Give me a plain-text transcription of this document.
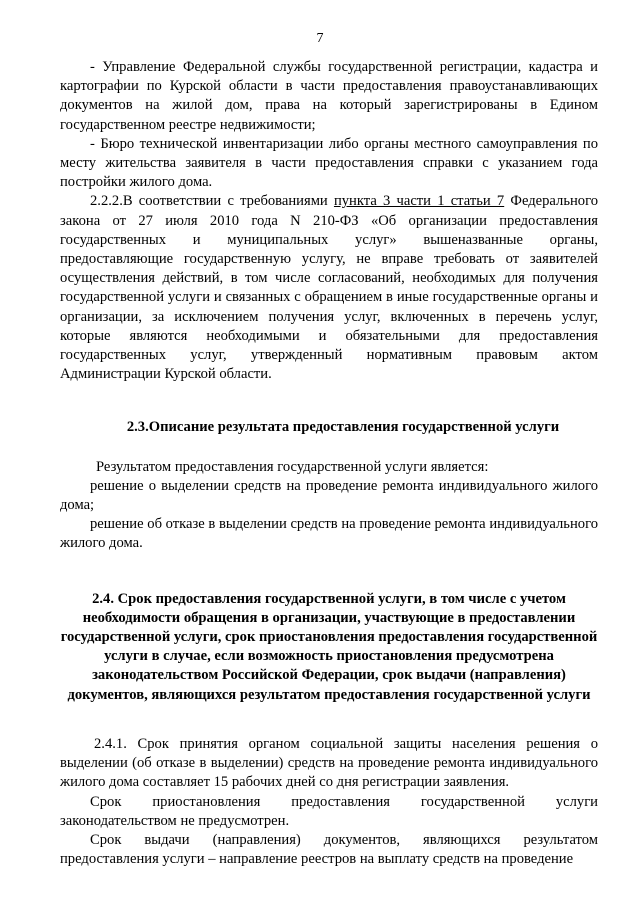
7

- Управление Федеральной службы государственной регистрации, кадастра и картографии по Курской области в части предоставления правоустанавливающих документов на жилой дом, права на который зарегистрированы в Едином государственном реестре недвижимости;

- Бюро технической инвентаризации либо органы местного самоуправления по месту жительства заявителя в части предоставления справки с указанием года постройки жилого дома.

2.2.2.В соответствии с требованиями пункта 3 части 1 статьи 7 Федерального закона от 27 июля 2010 года N 210-ФЗ «Об организации предоставления государственных и муниципальных услуг» вышеназванные органы, предоставляющие государственную услугу, не вправе требовать от заявителей осуществления действий, в том числе согласований, необходимых для получения государственной услуги и связанных с обращением в иные государственные органы и организации, за исключением получения услуг, включенных в перечень услуг, которые являются необходимыми и обязательными для предоставления государственных услуг, утвержденный нормативным правовым актом Администрации Курской области.

2.3.Описание результата предоставления государственной услуги

Результатом предоставления государственной услуги является:

решение о выделении средств на проведение ремонта индивидуального жилого дома;

решение об отказе в выделении средств на проведение ремонта индивидуального жилого дома.

2.4. Срок предоставления государственной услуги, в том числе с учетом необходимости обращения в организации, участвующие в предоставлении государственной услуги, срок приостановления предоставления государственной услуги в случае, если возможность приостановления предусмотрена законодательством Российской Федерации, срок выдачи (направления) документов, являющихся результатом предоставления государственной услуги

2.4.1. Срок принятия органом социальной защиты населения решения о выделении (об отказе в выделении) средств на проведение ремонта индивидуального жилого дома составляет 15 рабочих дней со дня регистрации заявления.

Срок приостановления предоставления государственной услуги законодательством не предусмотрен.

Срок выдачи (направления) документов, являющихся результатом предоставления услуги – направление реестров на выплату средств на проведение
